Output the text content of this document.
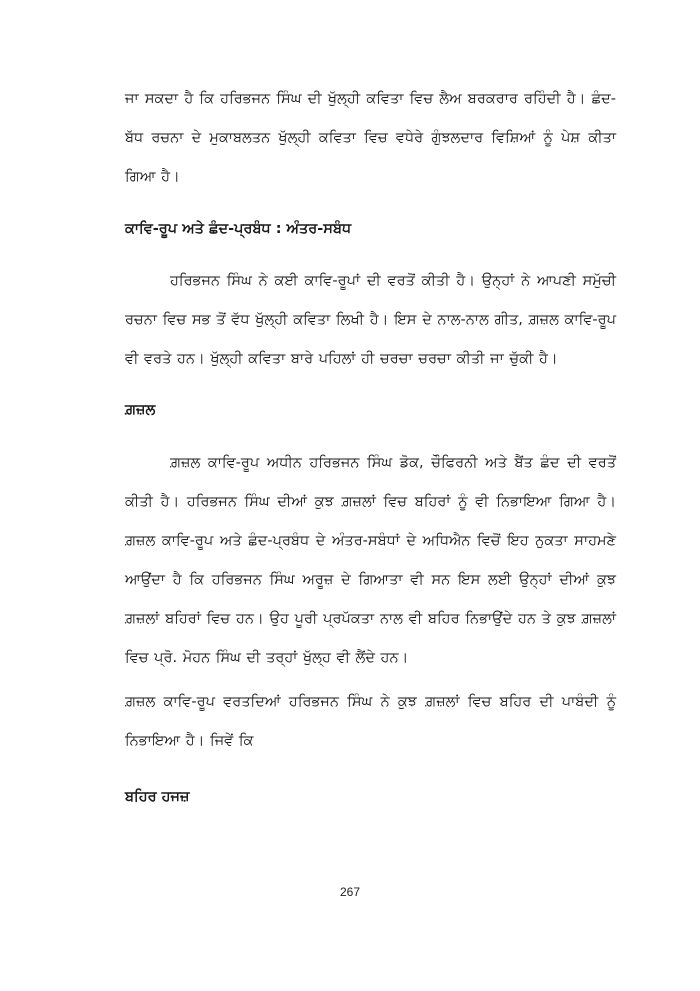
ਜਾ ਸਕਦਾ ਹੈ ਕਿ ਹਰਿਭਜਨ ਸਿੰਘ ਦੀ ਖੁੱਲ੍ਹੀ ਕਵਿਤਾ ਵਿਚ ਲੈਅ ਬਰਕਰਾਰ ਰਹਿੰਦੀ ਹੈ। ਛੰਦ-ਬੱਧ ਰਚਨਾ ਦੇ ਮੁਕਾਬਲਤਨ ਖੁੱਲ੍ਹੀ ਕਵਿਤਾ ਵਿਚ ਵਧੇਰੇ ਗੁੰਝਲਦਾਰ ਵਿਸ਼ਿਆਂ ਨੂੰ ਪੇਸ਼ ਕੀਤਾ ਗਿਆ ਹੈ।

ਕਾਵਿ-ਰੂਪ ਅਤੇ ਛੰਦ-ਪ੍ਰਬੰਧ : ਅੰਤਰ-ਸਬੰਧ

ਹਰਿਭਜਨ ਸਿੰਘ ਨੇ ਕਈ ਕਾਵਿ-ਰੂਪਾਂ ਦੀ ਵਰਤੋਂ ਕੀਤੀ ਹੈ। ਉਨ੍ਹਾਂ ਨੇ ਆਪਣੀ ਸਮੁੱਚੀ ਰਚਨਾ ਵਿਚ ਸਭ ਤੋਂ ਵੱਧ ਖੁੱਲ੍ਹੀ ਕਵਿਤਾ ਲਿਖੀ ਹੈ। ਇਸ ਦੇ ਨਾਲ-ਨਾਲ ਗੀਤ, ਗ਼ਜ਼ਲ ਕਾਵਿ-ਰੂਪ ਵੀ ਵਰਤੇ ਹਨ। ਖੁੱਲ੍ਹੀ ਕਵਿਤਾ ਬਾਰੇ ਪਹਿਲਾਂ ਹੀ ਚਰਚਾ ਚਰਚਾ ਕੀਤੀ ਜਾ ਚੁੱਕੀ ਹੈ।

ਗ਼ਜ਼ਲ

ਗ਼ਜ਼ਲ ਕਾਵਿ-ਰੂਪ ਅਧੀਨ ਹਰਿਭਜਨ ਸਿੰਘ ਡੋਕ, ਚੌਫਿਰਨੀ ਅਤੇ ਬੈਂਤ ਛੰਦ ਦੀ ਵਰਤੋਂ ਕੀਤੀ ਹੈ। ਹਰਿਭਜਨ ਸਿੰਘ ਦੀਆਂ ਕੁਝ ਗ਼ਜ਼ਲਾਂ ਵਿਚ ਬਹਿਰਾਂ ਨੂੰ ਵੀ ਨਿਭਾਇਆ ਗਿਆ ਹੈ। ਗ਼ਜ਼ਲ ਕਾਵਿ-ਰੂਪ ਅਤੇ ਛੰਦ-ਪ੍ਰਬੰਧ ਦੇ ਅੰਤਰ-ਸਬੰਧਾਂ ਦੇ ਅਧਿਐਨ ਵਿਚੋਂ ਇਹ ਨੁਕਤਾ ਸਾਹਮਣੇ ਆਉਂਦਾ ਹੈ ਕਿ ਹਰਿਭਜਨ ਸਿੰਘ ਅਰੂਜ਼ ਦੇ ਗਿਆਤਾ ਵੀ ਸਨ ਇਸ ਲਈ ਉਨ੍ਹਾਂ ਦੀਆਂ ਕੁਝ ਗ਼ਜ਼ਲਾਂ ਬਹਿਰਾਂ ਵਿਚ ਹਨ। ਉਹ ਪੂਰੀ ਪ੍ਰਪੱਕਤਾ ਨਾਲ ਵੀ ਬਹਿਰ ਨਿਭਾਉਂਦੇ ਹਨ ਤੇ ਕੁਝ ਗ਼ਜ਼ਲਾਂ ਵਿਚ ਪ੍ਰੋ. ਮੋਹਨ ਸਿੰਘ ਦੀ ਤਰ੍ਹਾਂ ਖੁੱਲ੍ਹ ਵੀ ਲੈਂਦੇ ਹਨ।

ਗ਼ਜ਼ਲ ਕਾਵਿ-ਰੂਪ ਵਰਤਦਿਆਂ ਹਰਿਭਜਨ ਸਿੰਘ ਨੇ ਕੁਝ ਗ਼ਜ਼ਲਾਂ ਵਿਚ ਬਹਿਰ ਦੀ ਪਾਬੰਦੀ ਨੂੰ ਨਿਭਾਇਆ ਹੈ। ਜਿਵੇਂ ਕਿ

ਬਹਿਰ ਹਜਜ਼
267
